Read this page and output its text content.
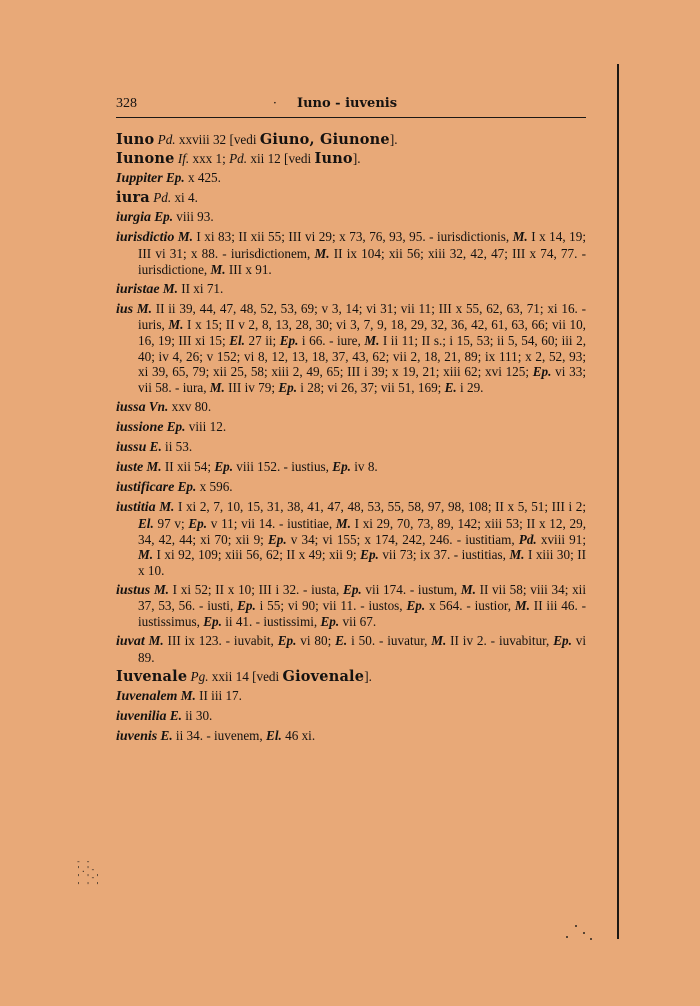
328	· Iuno - iuvenis

Iuno Pd. xxviii 32 [vedi Giuno, Giunone].

Iunone If. xxx 1; Pd. xii 12 [vedi Iuno].

Iuppiter Ep. x 425.

iura Pd. xi 4.

iurgia Ep. viii 93.

iurisdictio M. I xi 83; II xii 55; III vi 29; x 73, 76, 93, 95. - iurisdictionis, M. I x 14, 19; III vi 31; x 88. - iurisdictionem, M. II ix 104; xii 56; xiii 32, 42, 47; III x 74, 77. - iurisdictione, M. III x 91.

iuristae M. II xi 71.

ius M. II ii 39, 44, 47, 48, 52, 53, 69; v 3, 14; vi 31; vii 11; III x 55, 62, 63, 71; xi 16. - iuris, M. I x 15; II v 2, 8, 13, 28, 30; vi 3, 7, 9, 18, 29, 32, 36, 42, 61, 63, 66; vii 10, 16, 19; III xi 15; El. 27 ii; Ep. i 66. - iure, M. I ii 11; II s.; i 15, 53; ii 5, 54, 60; iii 2, 40; iv 4, 26; v 152; vi 8, 12, 13, 18, 37, 43, 62; vii 2, 18, 21, 89; ix 111; x 2, 52, 93; xi 39, 65, 79; xii 25, 58; xiii 2, 49, 65; III i 39; x 19, 21; xiii 62; xvi 125; Ep. vi 33; vii 58. - iura, M. III iv 79; Ep. i 28; vi 26, 37; vii 51, 169; E. i 29.

iussa Vn. xxv 80.

iussione Ep. viii 12.

iussu E. ii 53.

iuste M. II xii 54; Ep. viii 152. - iustius, Ep. iv 8.

iustificare Ep. x 596.

iustitia M. I xi 2, 7, 10, 15, 31, 38, 41, 47, 48, 53, 55, 58, 97, 98, 108; II x 5, 51; III i 2; El. 97 v; Ep. v 11; vii 14. - iustitiae, M. I xi 29, 70, 73, 89, 142; xiii 53; II x 12, 29, 34, 42, 44; xi 70; xii 9; Ep. v 34; vi 155; x 174, 242, 246. - iustitiam, Pd. xviii 91; M. I xi 92, 109; xiii 56, 62; II x 49; xii 9; Ep. vii 73; ix 37. - iustitias, M. I xiii 30; II x 10.

iustus M. I xi 52; II x 10; III i 32. - iusta, Ep. vii 174. - iustum, M. II vii 58; viii 34; xii 37, 53, 56. - iusti, Ep. i 55; vi 90; vii 11. - iustos, Ep. x 564. - iustior, M. II iii 46. - iustissimus, Ep. ii 41. - iustissimi, Ep. vii 67.

iuvat M. III ix 123. - iuvabit, Ep. vi 80; E. i 50. - iuvatur, M. II iv 2. - iuvabitur, Ep. vi 89.

Iuvenale Pg. xxii 14 [vedi Giovenale].

Iuvenalem M. II iii 17.

iuvenilia E. ii 30.

iuvenis E. ii 34. - iuvenem, El. 46 xi.

- -
'.'-
' '-'
' ' '
